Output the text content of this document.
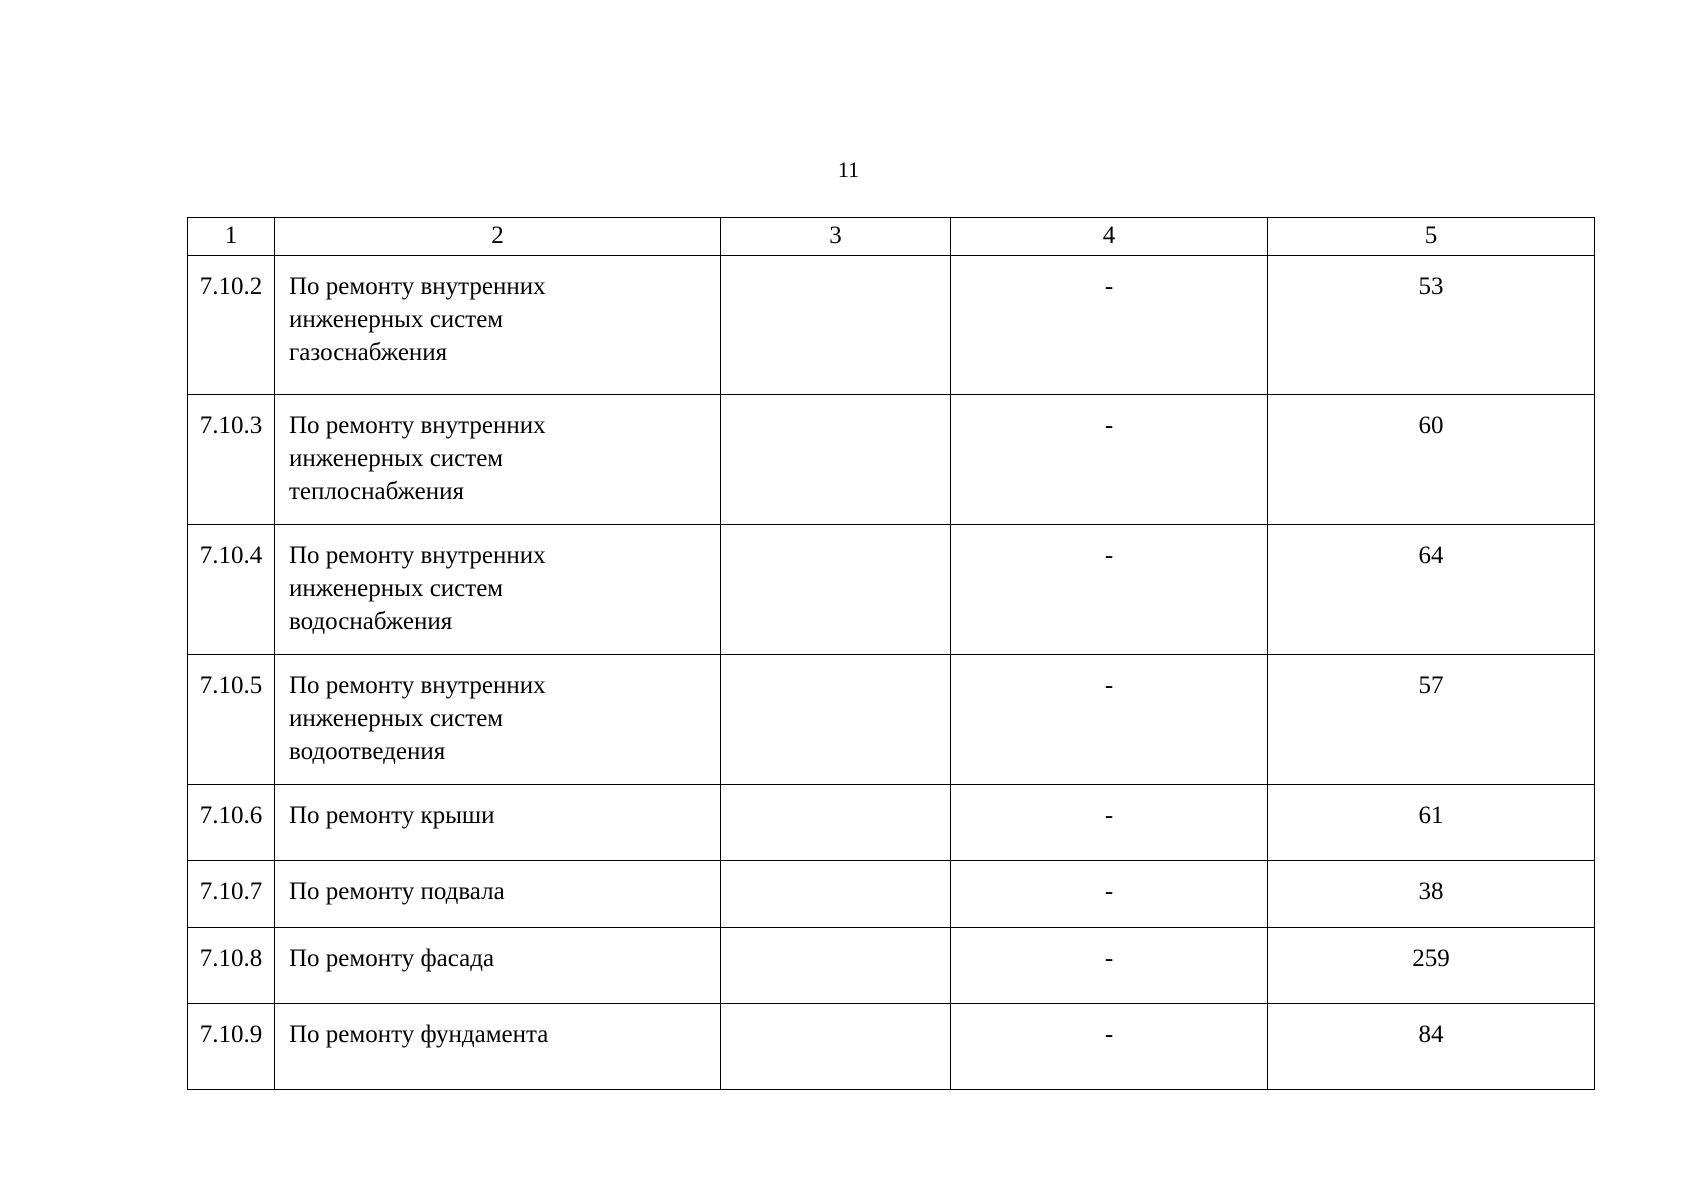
11
1	2	3	4	5
7.10.2	По ремонту внутренних
инженерных систем
газоснабжения		-	53
7.10.3	По ремонту внутренних
инженерных систем
теплоснабжения		-	60
7.10.4	По ремонту внутренних
инженерных систем
водоснабжения		-	64
7.10.5	По ремонту внутренних
инженерных систем
водоотведения		-	57
7.10.6	По ремонту крыши		-	61
7.10.7	По ремонту подвала		-	38
7.10.8	По ремонту фасада		-	259
7.10.9	По ремонту фундамента		-	84
